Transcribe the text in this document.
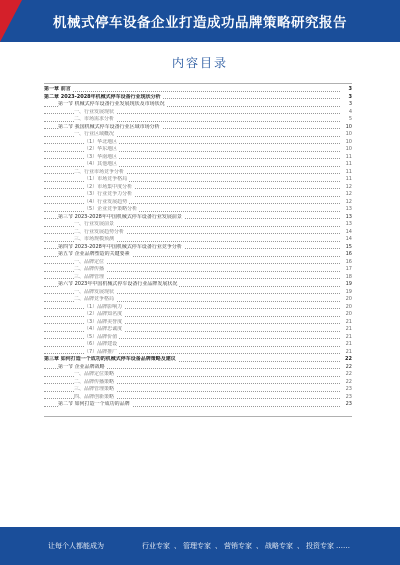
机械式停车设备企业打造成功品牌策略研究报告
内容目录
第一章 前言	3
第二章 2023-2028年机械式停车设备行业现状分析	3
第一节 机械式停车设备行业发展现状及市场状况	3
一、行业发展现状	4
二、市场需求分析	5
第二节 我国机械式停车设备行业区域市场分析	10
一、行业区域概况	10
（1）华北地区	10
（2）华东地区	10
（3）华南地区	11
（4）其他地区	11
二、行业市场竞争分析	11
（1）市场竞争格局	11
（2）市场集中度分析	12
（3）行业竞争力分析	12
（4）行业发展趋势	12
（5）企业竞争策略分析	13
第三节 2023-2028年中国机械式停车设备行业发展前景	13
一、行业发展前景	13
二、行业发展趋势分析	14
三、市场规模预测	14
第四节 2023-2028年中国机械式停车设备行业竞争分析	15
第五节 企业品牌塑造的关键要素	16
一、品牌定位	16
二、品牌传播	17
三、品牌管理	18
第六节 2023年中国机械式停车设备行业品牌发展状况	19
一、品牌发展现状	19
二、品牌竞争格局	20
（1）品牌影响力	20
（2）品牌知名度	20
（3）品牌美誉度	21
（4）品牌忠诚度	21
（5）品牌价值	21
（6）品牌建设	21
（7）品牌推广	21
第三章 如何打造一个成功的机械式停车设备品牌策略及建议	22
第一节 企业品牌战略	22
一、品牌定位策略	22
二、品牌传播策略	22
三、品牌管理策略	23
四、品牌创新策略	23
第二节 如何打造一个成功的品牌	23
让每个人都能成为	行业专家 、 管理专家 、 营销专家 、 战略专家 、 投资专家 ……
